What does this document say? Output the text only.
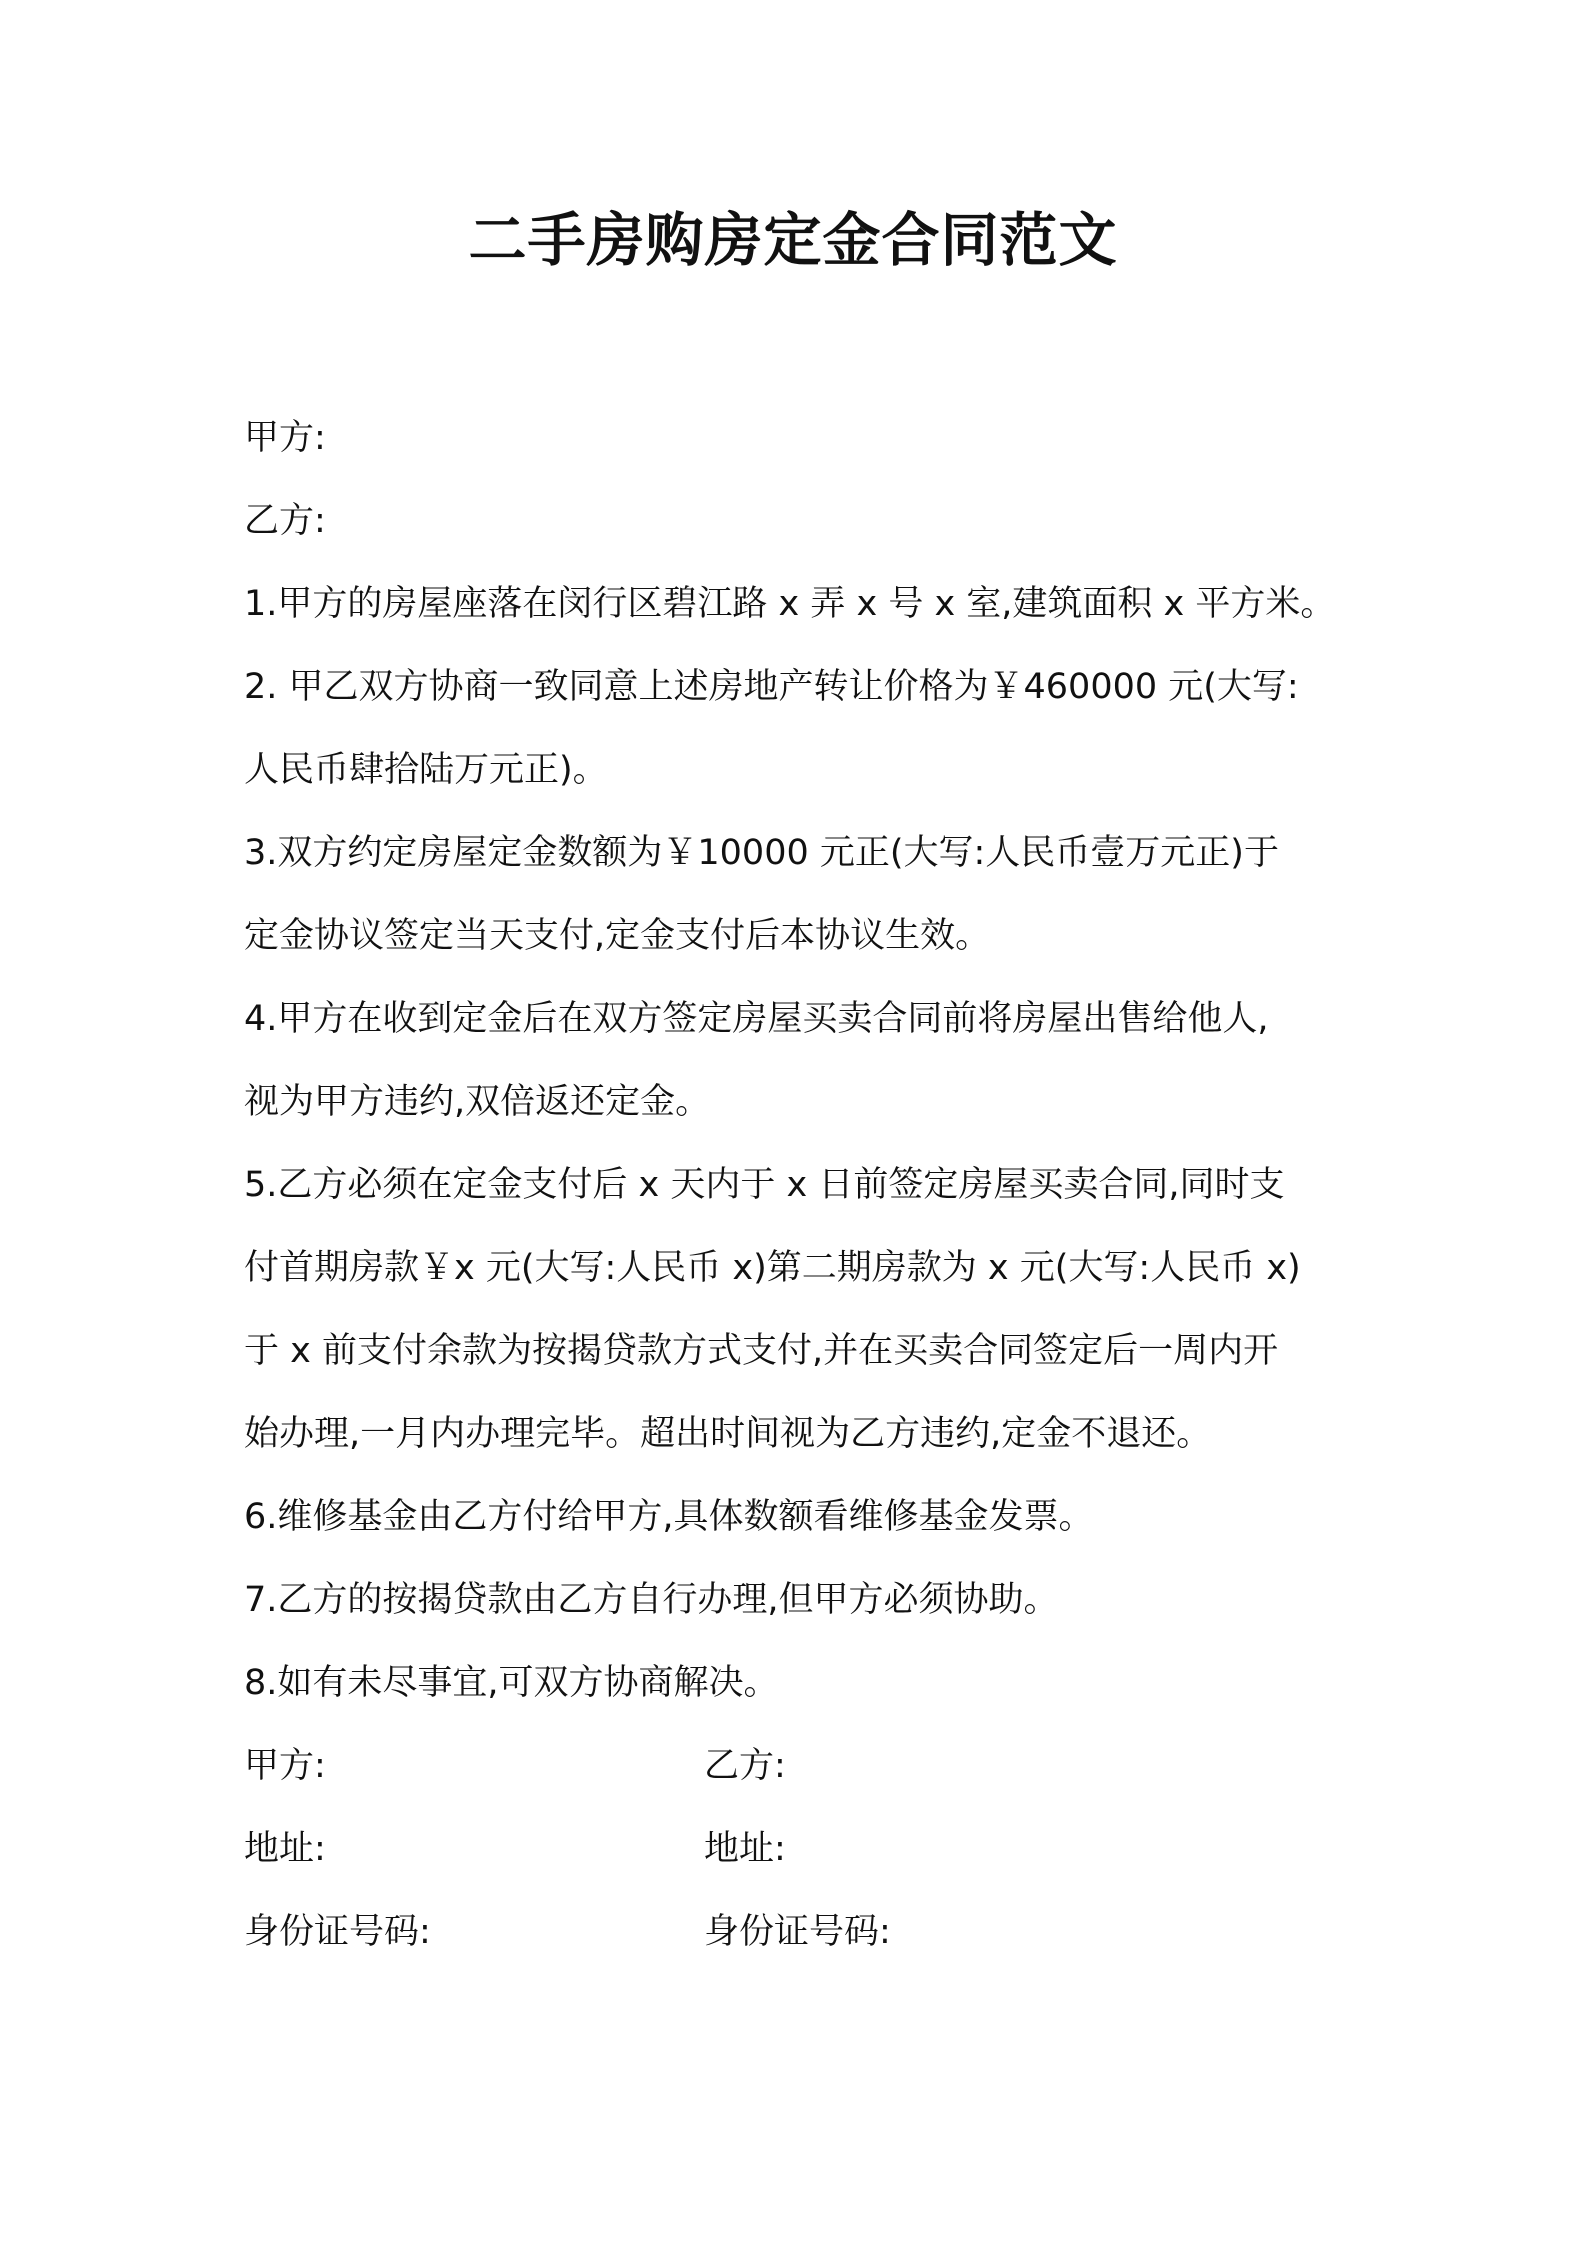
二手房购房定金合同范文
甲方:
乙方:
1.甲方的房屋座落在闵行区碧江路 x 弄 x 号 x 室,建筑面积 x 平方米。
2. 甲乙双方协商一致同意上述房地产转让价格为￥460000 元(大写:
人民币肆拾陆万元正)。
3.双方约定房屋定金数额为￥10000 元正(大写:人民币壹万元正)于
定金协议签定当天支付,定金支付后本协议生效。
4.甲方在收到定金后在双方签定房屋买卖合同前将房屋出售给他人,
视为甲方违约,双倍返还定金。
5.乙方必须在定金支付后 x 天内于 x 日前签定房屋买卖合同,同时支
付首期房款￥x 元(大写:人民币 x)第二期房款为 x 元(大写:人民币 x)
于 x 前支付余款为按揭贷款方式支付,并在买卖合同签定后一周内开
始办理,一月内办理完毕。超出时间视为乙方违约,定金不退还。
6.维修基金由乙方付给甲方,具体数额看维修基金发票。
7.乙方的按揭贷款由乙方自行办理,但甲方必须协助。
8.如有未尽事宜,可双方协商解决。
甲方:	乙方:
地址:	地址:
身份证号码:	身份证号码:
